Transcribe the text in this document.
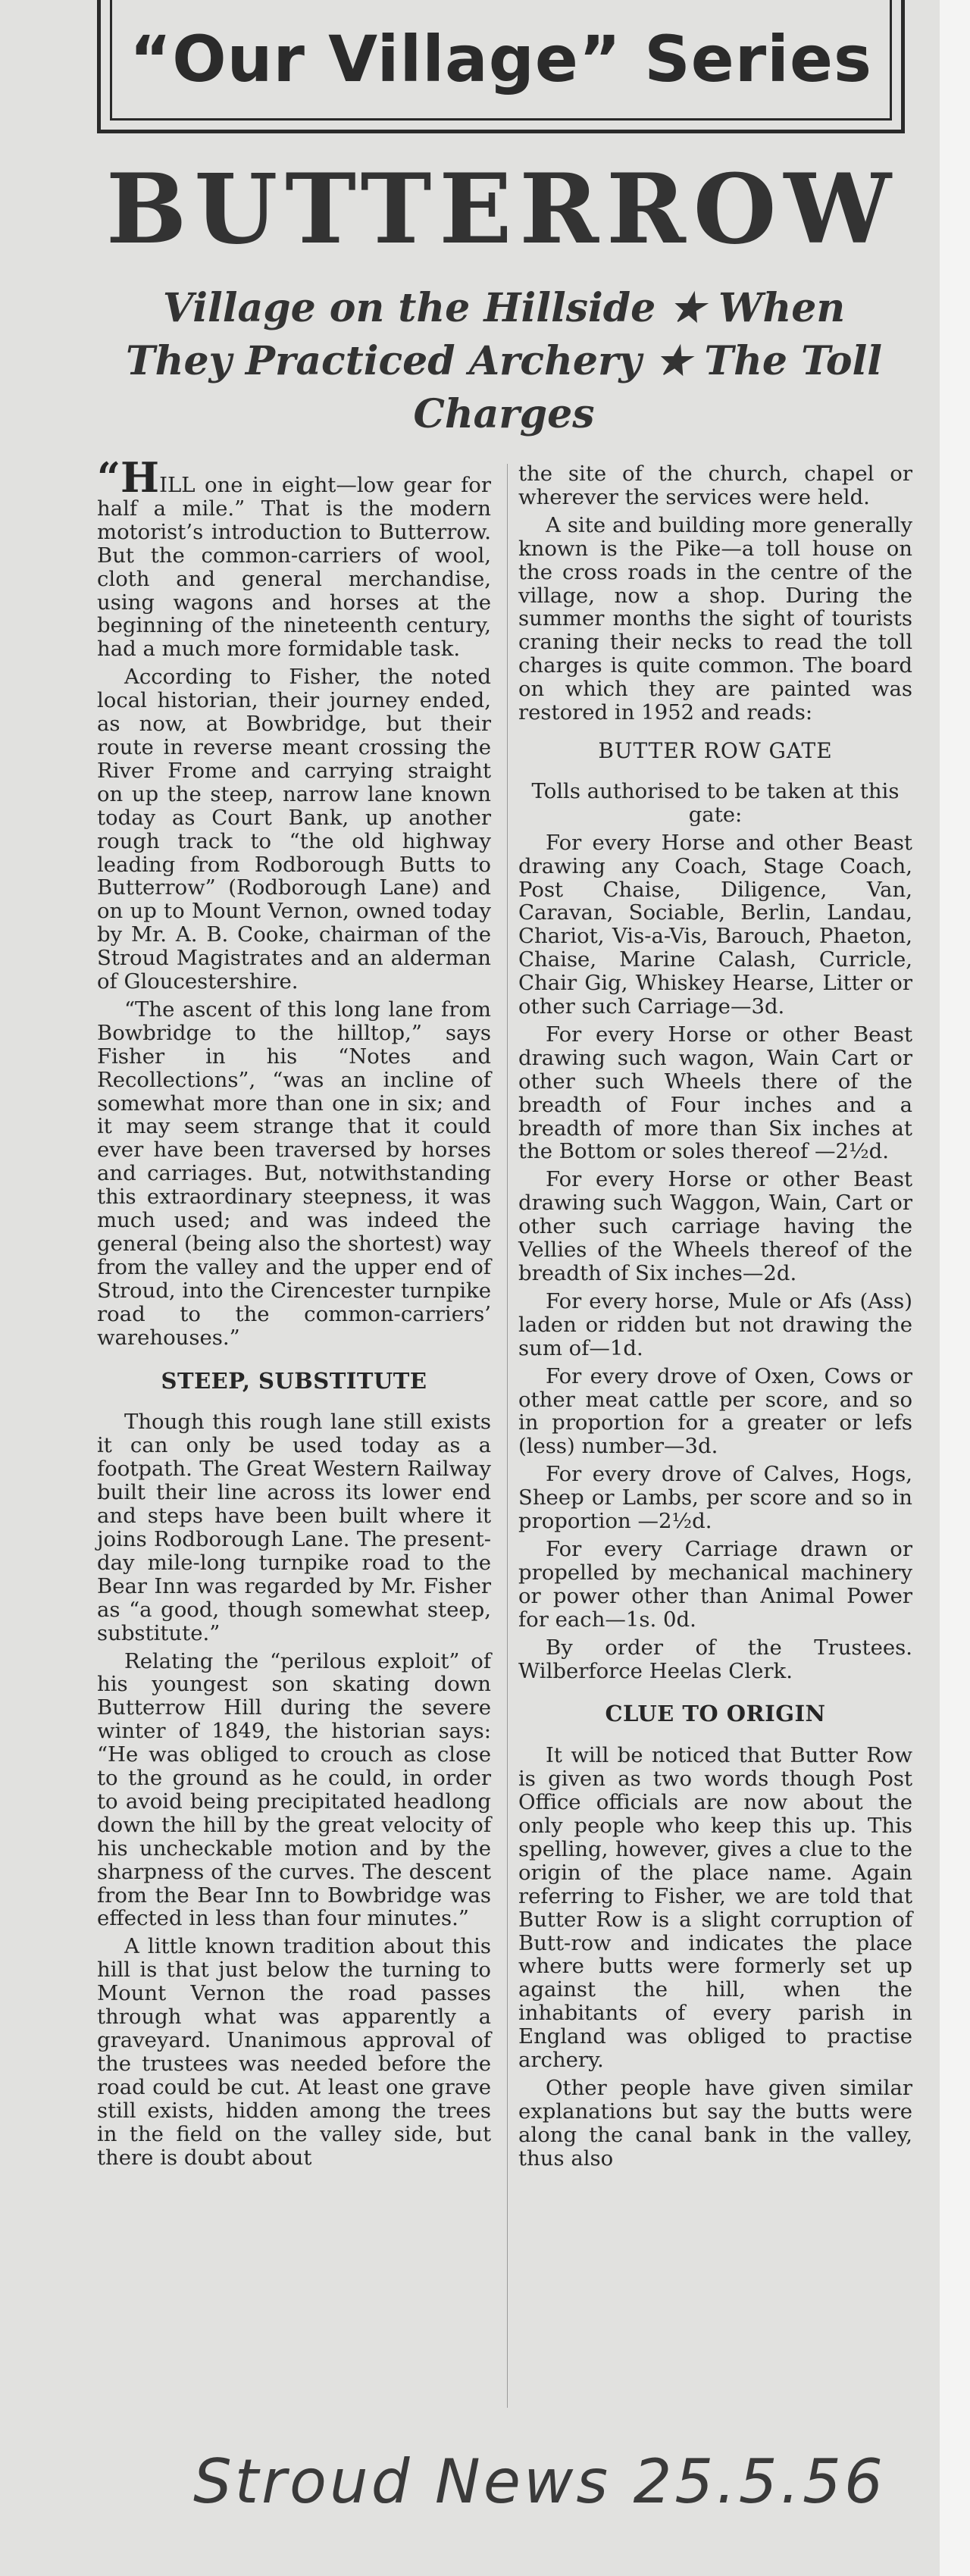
“Our Village” Series
BUTTERROW
Village on the Hillside ★ When They Practiced Archery ★ The Toll Charges

“HILL one in eight—low gear for half a mile.” That is the modern motorist’s introduction to Butterrow. But the common-carriers of wool, cloth and general merchandise, using wagons and horses at the beginning of the nineteenth century, had a much more formidable task.

According to Fisher, the noted local historian, their journey ended, as now, at Bowbridge, but their route in reverse meant crossing the River Frome and carrying straight on up the steep, narrow lane known today as Court Bank, up another rough track to “the old highway leading from Rodborough Butts to Butterrow” (Rodborough Lane) and on up to Mount Vernon, owned today by Mr. A. B. Cooke, chairman of the Stroud Magistrates and an alderman of Gloucestershire.

“The ascent of this long lane from Bowbridge to the hilltop,” says Fisher in his “Notes and Recollections”, “was an incline of somewhat more than one in six; and it may seem strange that it could ever have been traversed by horses and carriages. But, notwithstanding this extraordinary steepness, it was much used; and was indeed the general (being also the shortest) way from the valley and the upper end of Stroud, into the Cirencester turnpike road to the common-carriers’ warehouses.”

STEEP, SUBSTITUTE

Though this rough lane still exists it can only be used today as a footpath. The Great Western Railway built their line across its lower end and steps have been built where it joins Rodborough Lane. The present-day mile-long turnpike road to the Bear Inn was regarded by Mr. Fisher as “a good, though somewhat steep, substitute.”

Relating the “perilous exploit” of his youngest son skating down Butterrow Hill during the severe winter of 1849, the historian says: “He was obliged to crouch as close to the ground as he could, in order to avoid being precipitated headlong down the hill by the great velocity of his uncheckable motion and by the sharpness of the curves. The descent from the Bear Inn to Bowbridge was effected in less than four minutes.”

A little known tradition about this hill is that just below the turning to Mount Vernon the road passes through what was apparently a graveyard. Unanimous approval of the trustees was needed before the road could be cut. At least one grave still exists, hidden among the trees in the field on the valley side, but there is doubt about

the site of the church, chapel or wherever the services were held.

A site and building more generally known is the Pike—a toll house on the cross roads in the centre of the village, now a shop. During the summer months the sight of tourists craning their necks to read the toll charges is quite common. The board on which they are painted was restored in 1952 and reads:

BUTTER ROW GATE

Tolls authorised to be taken at this gate:

For every Horse and other Beast drawing any Coach, Stage Coach, Post Chaise, Diligence, Van, Caravan, Sociable, Berlin, Landau, Chariot, Vis-a-Vis, Barouch, Phaeton, Chaise, Marine Calash, Curricle, Chair Gig, Whiskey Hearse, Litter or other such Carriage—3d.

For every Horse or other Beast drawing such wagon, Wain Cart or other such Wheels there of the breadth of Four inches and a breadth of more than Six inches at the Bottom or soles thereof —2½d.

For every Horse or other Beast drawing such Waggon, Wain, Cart or other such carriage having the Vellies of the Wheels thereof of the breadth of Six inches—2d.

For every horse, Mule or Afs (Ass) laden or ridden but not drawing the sum of—1d.

For every drove of Oxen, Cows or other meat cattle per score, and so in proportion for a greater or lefs (less) number—3d.

For every drove of Calves, Hogs, Sheep or Lambs, per score and so in proportion —2½d.

For every Carriage drawn or propelled by mechanical machinery or power other than Animal Power for each—1s. 0d.

By order of the Trustees. Wilberforce Heelas Clerk.

CLUE TO ORIGIN

It will be noticed that Butter Row is given as two words though Post Office officials are now about the only people who keep this up. This spelling, however, gives a clue to the origin of the place name. Again referring to Fisher, we are told that Butter Row is a slight corruption of Butt-row and indicates the place where butts were formerly set up against the hill, when the inhabitants of every parish in England was obliged to practise archery.

Other people have given similar explanations but say the butts were along the canal bank in the valley, thus also

Stroud News 25.5.56
